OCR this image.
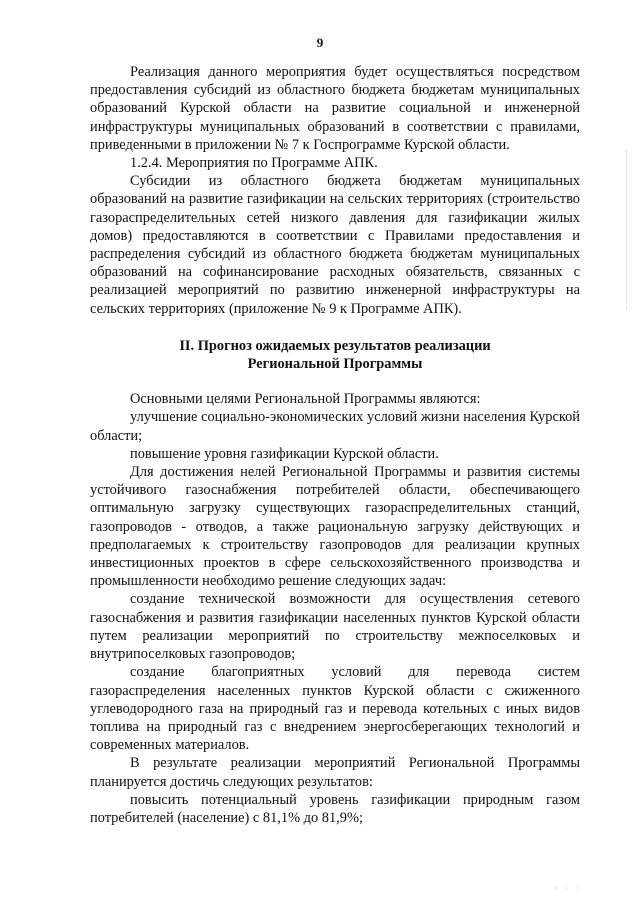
9

Реализация данного мероприятия будет осуществляться посредством предоставления субсидий из областного бюджета бюджетам муниципальных образований Курской области на развитие социальной и инженерной инфраструктуры муниципальных образований в соответствии с правилами, приведенными в приложении № 7 к Госпрограмме Курской области.

1.2.4. Мероприятия по Программе АПК.

Субсидии из областного бюджета бюджетам муниципальных образований на развитие газификации на сельских территориях (строительство газораспределительных сетей низкого давления для газификации жилых домов) предоставляются в соответствии с Правилами предоставления и распределения субсидий из областного бюджета бюджетам муниципальных образований на софинансирование расходных обязательств, связанных с реализацией мероприятий по развитию инженерной инфраструктуры на сельских территориях (приложение № 9 к Программе АПК).

II. Прогноз ожидаемых результатов реализации

Региональной Программы

Основными целями Региональной Программы являются:

улучшение социально-экономических условий жизни населения Курской области;

повышение уровня газификации Курской области.

Для достижения нелей Региональной Программы и развития системы устойчивого газоснабжения потребителей области, обеспечивающего оптимальную загрузку существующих газораспределительных станций, газопроводов - отводов, а также рациональную загрузку действующих и предполагаемых к строительству газопроводов для реализации крупных инвестиционных проектов в сфере сельскохозяйственного производства и промышленности необходимо решение следующих задач:

создание технической возможности для осуществления сетевого газоснабжения и развития газификации населенных пунктов Курской области путем реализации мероприятий по строительству межпоселковых и внутрипоселковых газопроводов;

создание благоприятных условий для перевода систем газораспределения населенных пунктов Курской области с сжиженного углеводородного газа на природный газ и перевода котельных с иных видов топлива на природный газ с внедрением энергосберегающих технологий и современных материалов.

В результате реализации мероприятий Региональной Программы планируется достичь следующих результатов:

повысить потенциальный уровень газификации природным газом потребителей (население) с 81,1% до 81,9%;

· · ·
